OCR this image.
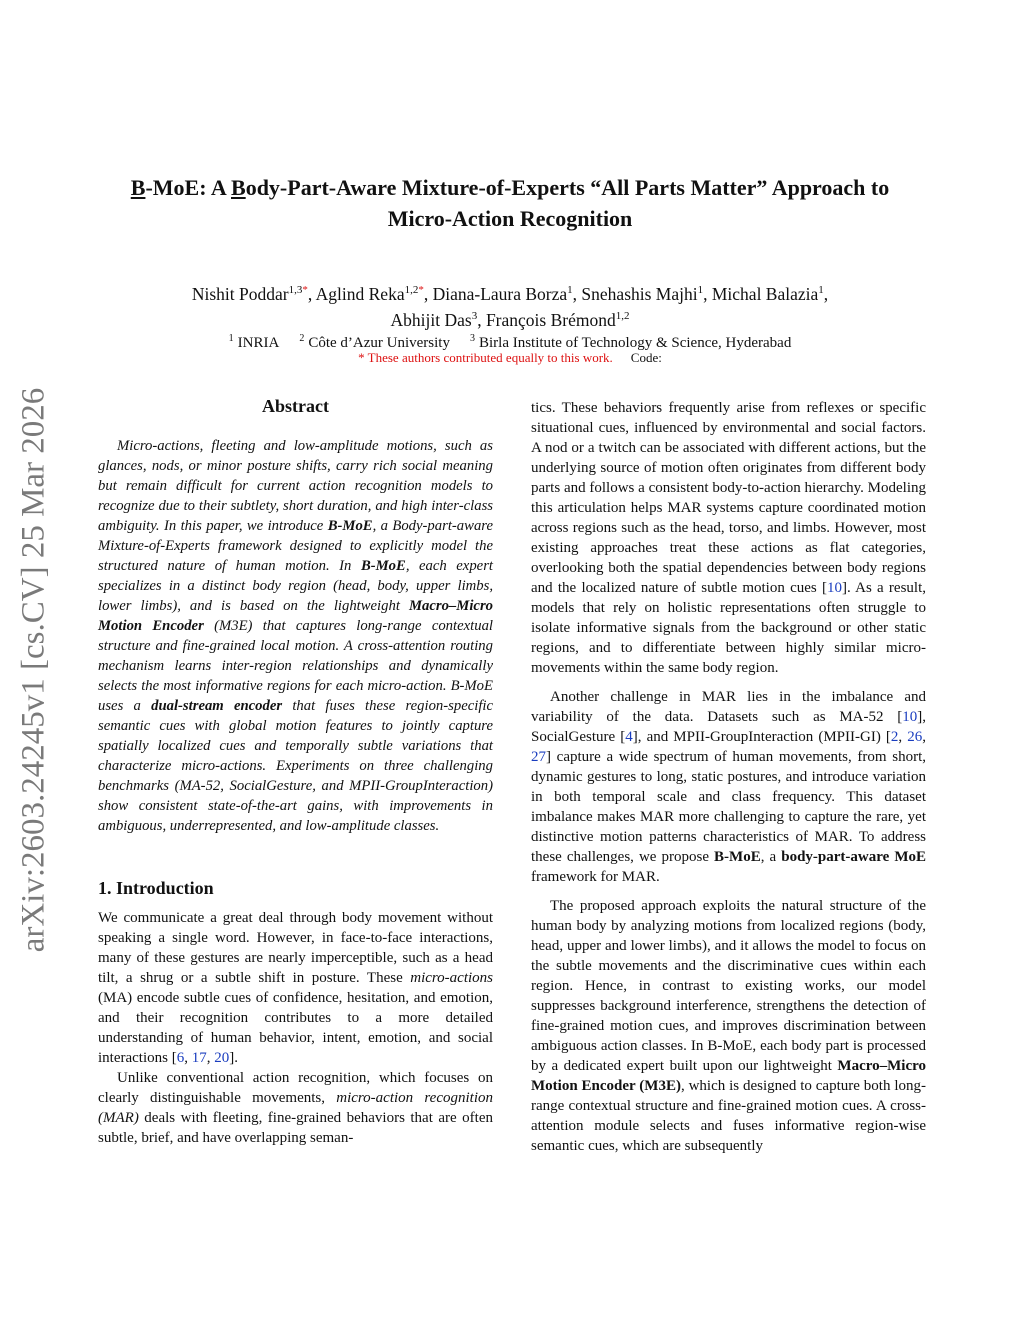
arXiv:2603.24245v1 [cs.CV] 25 Mar 2026
B-MoE: A Body-Part-Aware Mixture-of-Experts “All Parts Matter” Approach to
Micro-Action Recognition
Nishit Poddar$^{1,3*}$, Aglind Reka$^{1,2*}$, Diana-Laura Borza$^1$, Snehashis Majhi$^1$, Michal Balazia$^1$,
Abhijit Das$^3$, François Brémond$^{1,2}$
$^1$ INRIA $^2$ Côte d’Azur University $^3$ Birla Institute of Technology & Science, Hyderabad
* These authors contributed equally to this work. Code:
Abstract

Micro-actions, fleeting and low-amplitude motions, such as glances, nods, or minor posture shifts, carry rich social meaning but remain difficult for current action recognition models to recognize due to their subtlety, short duration, and high inter-class ambiguity. In this paper, we introduce B-MoE, a Body-part-aware Mixture-of-Experts framework designed to explicitly model the structured nature of human motion. In B-MoE, each expert specializes in a distinct body region (head, body, upper limbs, lower limbs), and is based on the lightweight Macro–Micro Motion Encoder (M3E) that captures long-range contextual structure and fine-grained local motion. A cross-attention routing mechanism learns inter-region relationships and dynamically selects the most informative regions for each micro-action. B-MoE uses a dual-stream encoder that fuses these region-specific semantic cues with global motion features to jointly capture spatially localized cues and temporally subtle variations that characterize micro-actions. Experiments on three challenging benchmarks (MA-52, SocialGesture, and MPII-GroupInteraction) show consistent state-of-the-art gains, with improvements in ambiguous, underrepresented, and low-amplitude classes.

1. Introduction

We communicate a great deal through body movement without speaking a single word. However, in face-to-face interactions, many of these gestures are nearly imperceptible, such as a head tilt, a shrug or a subtle shift in posture. These micro-actions (MA) encode subtle cues of confidence, hesitation, and emotion, and their recognition contributes to a more detailed understanding of human behavior, intent, emotion, and social interactions [6, 17, 20].

Unlike conventional action recognition, which focuses on clearly distinguishable movements, micro-action recognition (MAR) deals with fleeting, fine-grained behaviors that are often subtle, brief, and have overlapping seman-

tics. These behaviors frequently arise from reflexes or specific situational cues, influenced by environmental and social factors. A nod or a twitch can be associated with different actions, but the underlying source of motion often originates from different body parts and follows a consistent body-to-action hierarchy. Modeling this articulation helps MAR systems capture coordinated motion across regions such as the head, torso, and limbs. However, most existing approaches treat these actions as flat categories, overlooking both the spatial dependencies between body regions and the localized nature of subtle motion cues [10]. As a result, models that rely on holistic representations often struggle to isolate informative signals from the background or other static regions, and to differentiate between highly similar micro-movements within the same body region.

Another challenge in MAR lies in the imbalance and variability of the data. Datasets such as MA-52 [10], SocialGesture [4], and MPII-GroupInteraction (MPII-GI) [2, 26, 27] capture a wide spectrum of human movements, from short, dynamic gestures to long, static postures, and introduce variation in both temporal scale and class frequency. This dataset imbalance makes MAR more challenging to capture the rare, yet distinctive motion patterns characteristics of MAR. To address these challenges, we propose B-MoE, a body-part-aware MoE framework for MAR.

The proposed approach exploits the natural structure of the human body by analyzing motions from localized regions (body, head, upper and lower limbs), and it allows the model to focus on the subtle movements and the discriminative cues within each region. Hence, in contrast to existing works, our model suppresses background interference, strengthens the detection of fine-grained motion cues, and improves discrimination between ambiguous action classes. In B-MoE, each body part is processed by a dedicated expert built upon our lightweight Macro–Micro Motion Encoder (M3E), which is designed to capture both long-range contextual structure and fine-grained motion cues. A cross-attention module selects and fuses informative region-wise semantic cues, which are subsequently
